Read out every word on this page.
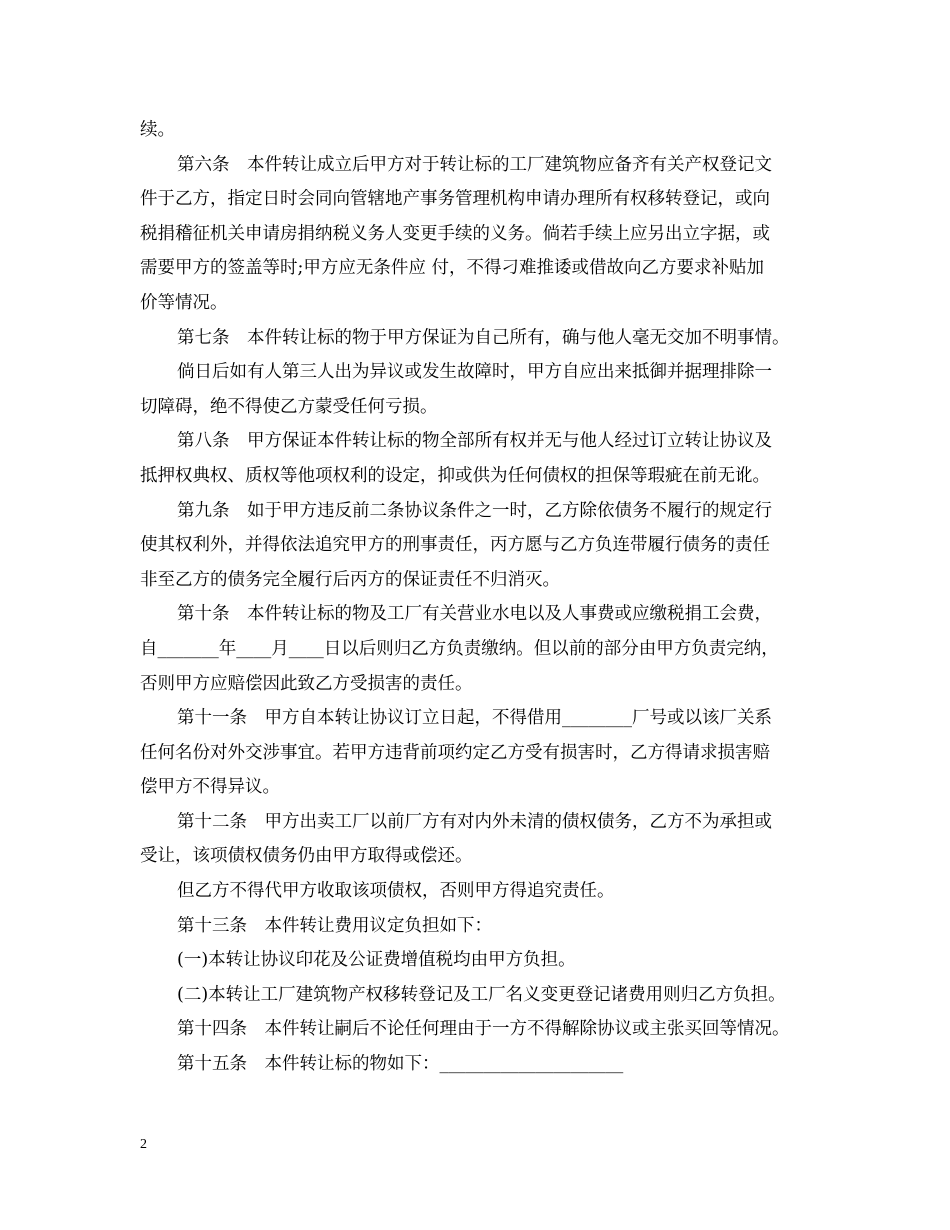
续。
第六条　本件转让成立后甲方对于转让标的工厂建筑物应备齐有关产权登记文
件于乙方，指定日时会同向管辖地产事务管理机构申请办理所有权移转登记，或向
税捐稽征机关申请房捐纳税义务人变更手续的义务。倘若手续上应另出立字据，或
需要甲方的签盖等时;甲方应无条件应 付，不得刁难推诿或借故向乙方要求补贴加
价等情况。
第七条　本件转让标的物于甲方保证为自己所有，确与他人毫无交加不明事情。
倘日后如有人第三人出为异议或发生故障时，甲方自应出来抵御并据理排除一
切障碍，绝不得使乙方蒙受任何亏损。
第八条　甲方保证本件转让标的物全部所有权并无与他人经过订立转让协议及
抵押权典权、质权等他项权利的设定，抑或供为任何债权的担保等瑕疵在前无讹。
第九条　如于甲方违反前二条协议条件之一时，乙方除依债务不履行的规定行
使其权利外，并得依法追究甲方的刑事责任，丙方愿与乙方负连带履行债务的责任
非至乙方的债务完全履行后丙方的保证责任不归消灭。
第十条　本件转让标的物及工厂有关营业水电以及人事费或应缴税捐工会费，
自_______年____月____日以后则归乙方负责缴纳。但以前的部分由甲方负责完纳，
否则甲方应赔偿因此致乙方受损害的责任。
第十一条　甲方自本转让协议订立日起，不得借用________厂号或以该厂关系
任何名份对外交涉事宜。若甲方违背前项约定乙方受有损害时，乙方得请求损害赔
偿甲方不得异议。
第十二条　甲方出卖工厂以前厂方有对内外未清的债权债务，乙方不为承担或
受让，该项债权债务仍由甲方取得或偿还。
但乙方不得代甲方收取该项债权，否则甲方得追究责任。
第十三条　本件转让费用议定负担如下：
(一)本转让协议印花及公证费增值税均由甲方负担。
(二)本转让工厂建筑物产权移转登记及工厂名义变更登记诸费用则归乙方负担。
第十四条　本件转让嗣后不论任何理由于一方不得解除协议或主张买回等情况。
第十五条　本件转让标的物如下：_____________________
2
